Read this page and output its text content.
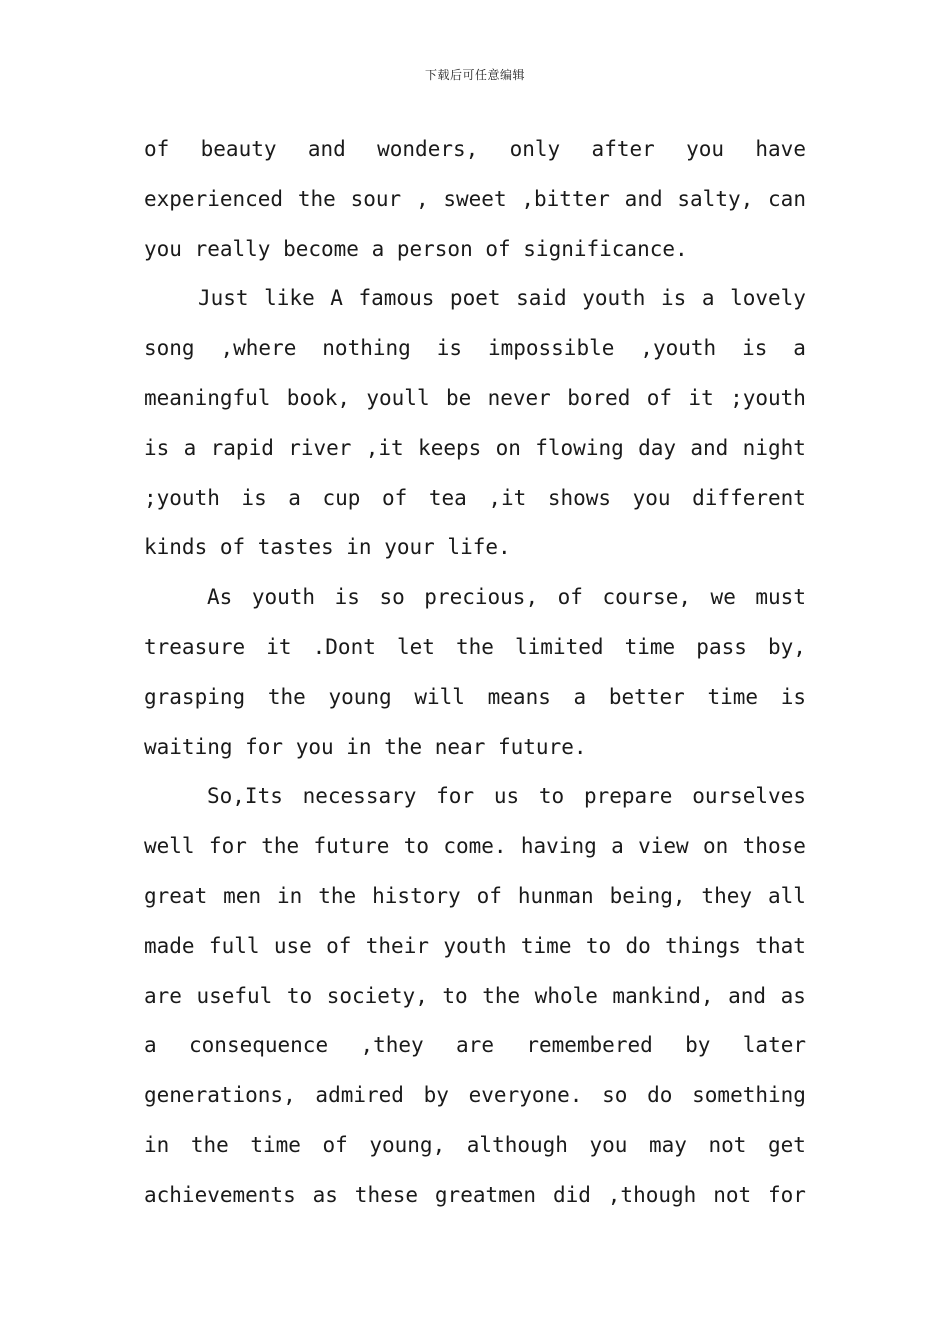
下载后可任意编辑
of beauty and wonders, only after you have
experienced the sour , sweet ,bitter and salty, can
you really become a person of significance.
Just like A famous poet said youth is a lovely
song ,where nothing is impossible ,youth is a
meaningful book, youll be never bored of it ;youth
is a rapid river ,it keeps on flowing day and night
;youth is a cup of tea ,it shows you different
kinds of tastes in your life.
As youth is so precious, of course, we must
treasure it .Dont let the limited time pass by,
grasping the young will means a better time is
waiting for you in the near future.
So,Its necessary for us to prepare ourselves
well for the future to come. having a view on those
great men in the history of hunman being, they all
made full use of their youth time to do things that
are useful to society, to the whole mankind, and as
a consequence ,they are remembered by later
generations, admired by everyone. so do something
in the time of young, although you may not get
achievements as these greatmen did ,though not for
